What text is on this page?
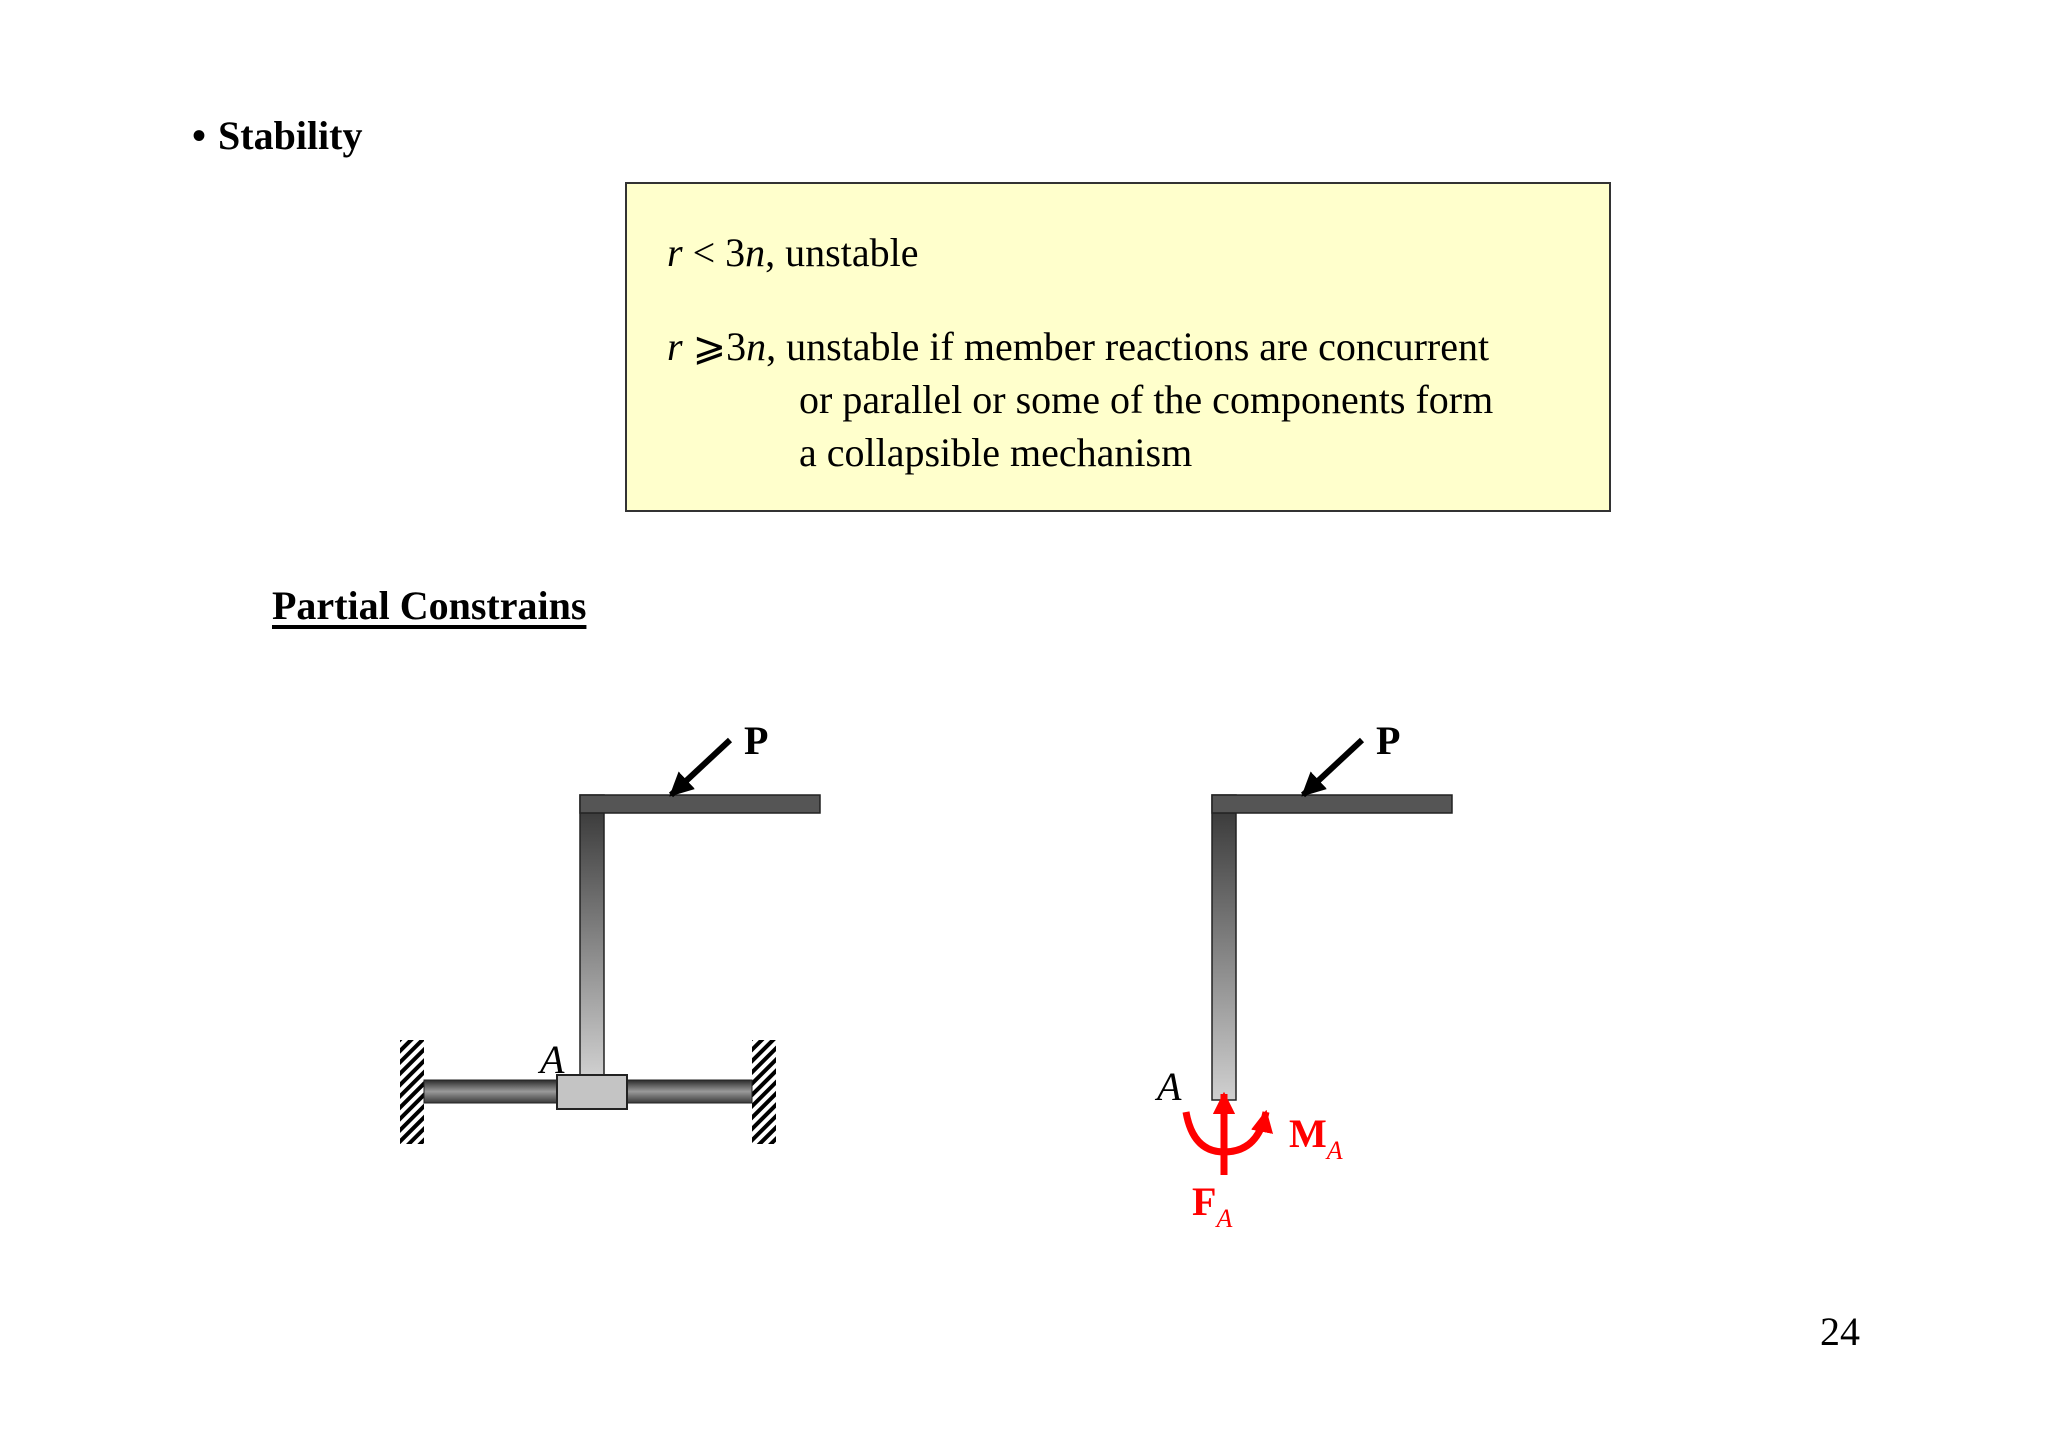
• Stability
r < 3n, unstable
r ⩾3n, unstable if member reactions are concurrent
or parallel or some of the components form
a collapsible mechanism
Partial Constrains
P
A
P
A
$M_A$
$F_A$
24
